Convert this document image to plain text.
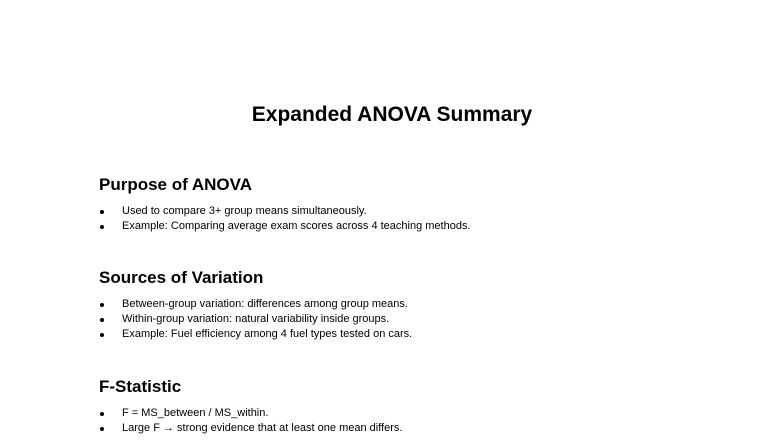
Expanded ANOVA Summary
Purpose of ANOVA
Used to compare 3+ group means simultaneously.
Example: Comparing average exam scores across 4 teaching methods.
Sources of Variation
Between-group variation: differences among group means.
Within-group variation: natural variability inside groups.
Example: Fuel efficiency among 4 fuel types tested on cars.
F-Statistic
F = MS_between / MS_within.
Large F → strong evidence that at least one mean differs.
